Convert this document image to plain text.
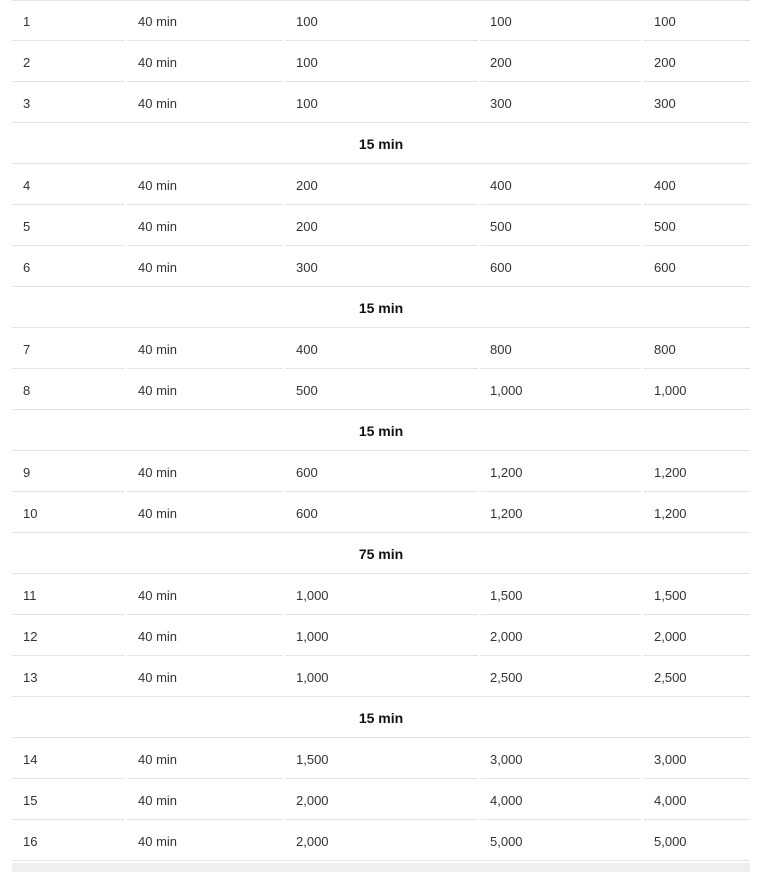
1	40 min	100	100	100
2	40 min	100	200	200
3	40 min	100	300	300
15 min
4	40 min	200	400	400
5	40 min	200	500	500
6	40 min	300	600	600
15 min
7	40 min	400	800	800
8	40 min	500	1,000	1,000
15 min
9	40 min	600	1,200	1,200
10	40 min	600	1,200	1,200
75 min
11	40 min	1,000	1,500	1,500
12	40 min	1,000	2,000	2,000
13	40 min	1,000	2,500	2,500
15 min
14	40 min	1,500	3,000	3,000
15	40 min	2,000	4,000	4,000
16	40 min	2,000	5,000	5,000
